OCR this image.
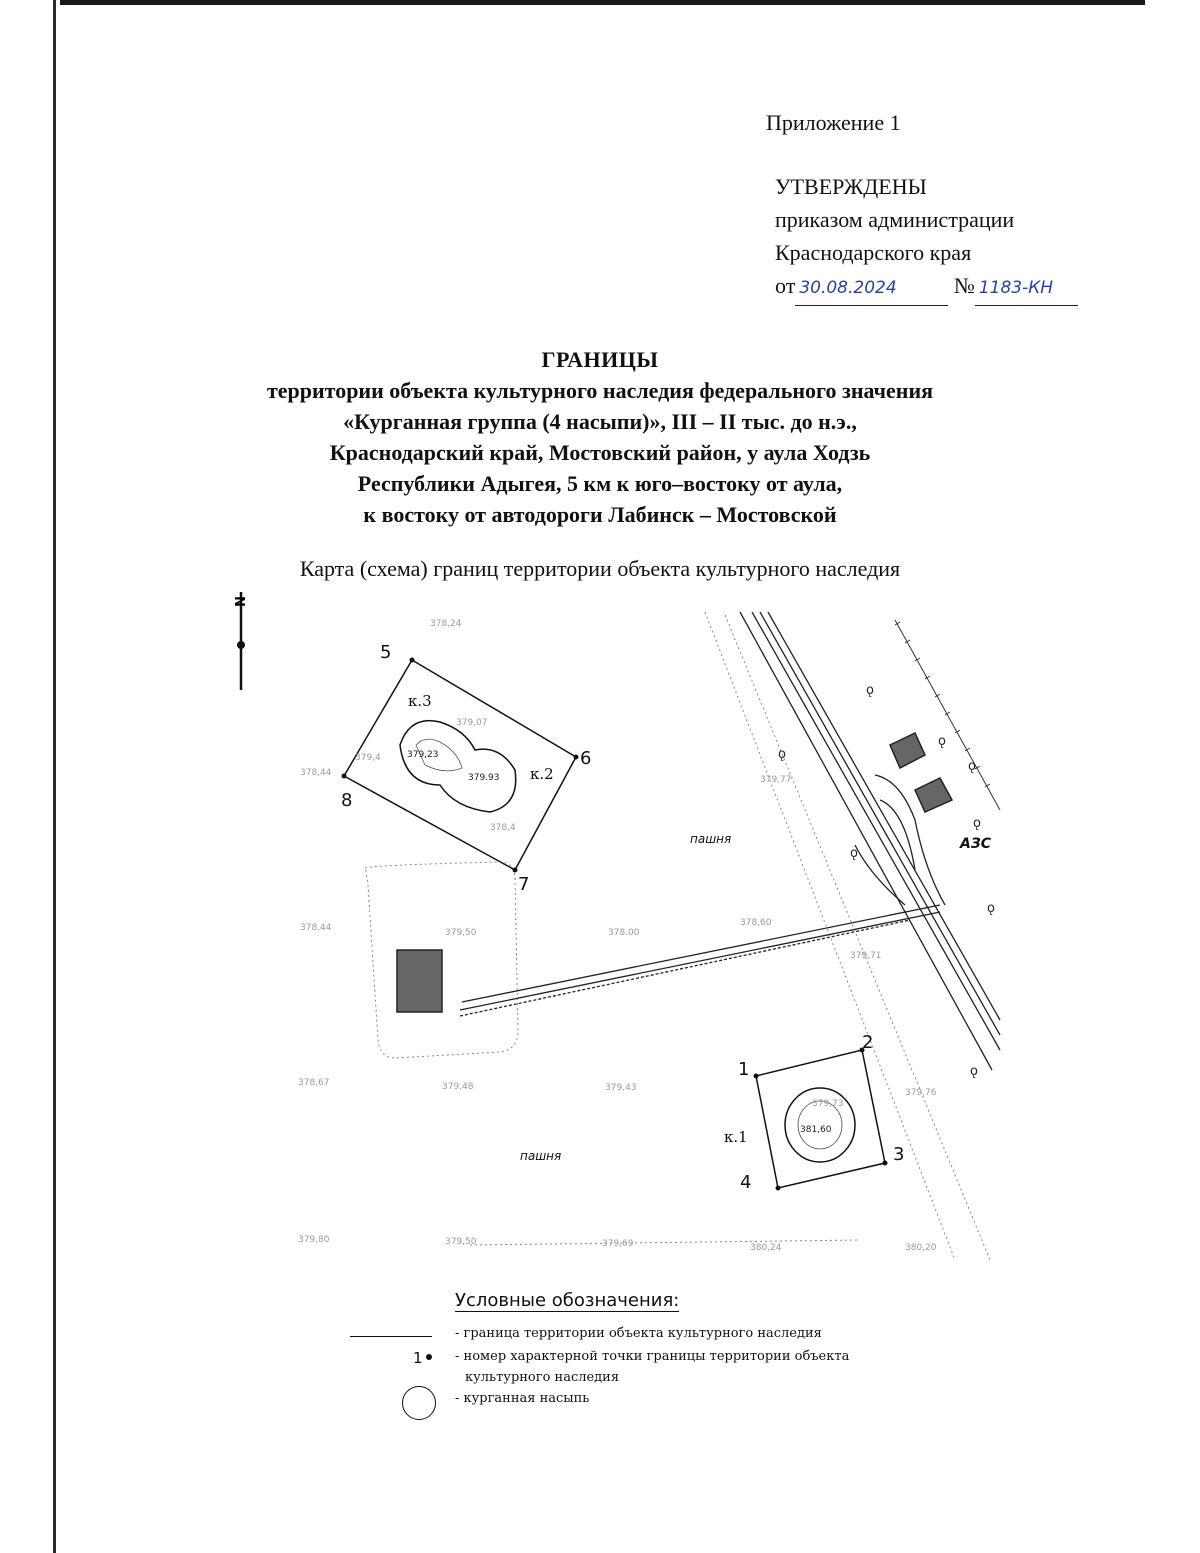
Приложение 1
УТВЕРЖДЕНЫ
приказом администрации
Краснодарского края
от 30.08.2024	№ 1183-КН
ГРАНИЦЫ
территории объекта культурного наследия федерального значения
«Курганная группа (4 насыпи)», III – II тыс. до н.э.,
Краснодарский край, Мостовский район, у аула Ходзь
Республики Адыгея, 5 км к юго–востоку от аула,
к востоку от автодороги Лабинск – Мостовской
Карта (схема) границ территории объекта культурного наследия
N
ǫ
ǫ
ǫ
ǫ
ǫ
ǫ
ǫ
ǫ
1
2
3
4
5
6
7
8
к.1
к.2
к.3
пашня
пашня
АЗС
381,60
379.93
379,23
379.77
378,44	379,50	378.00
378,60
378,67	379,48	379,43	379,76
379,80	379,50	379,69	380,24	380,20
379,71
378,24
378,44
379,07
379,4
378,4
379,73
Условные обозначения:
- граница территории объекта культурного наследия
1 - номер характерной точки границы территории объекта
культурного наследия
- курганная насыпь
